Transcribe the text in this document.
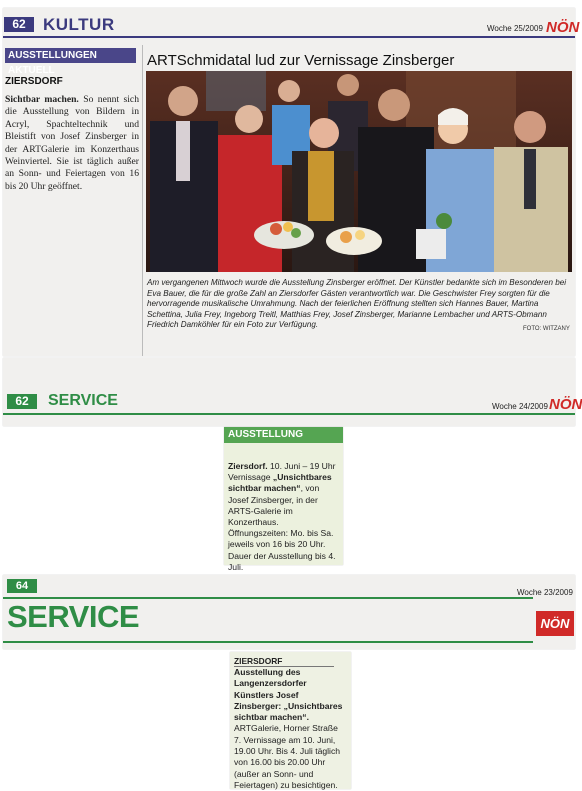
62	KULTUR	Woche 25/2009 NÖN
AUSSTELLUNGEN AKTUELL
ZIERSDORF
Sichtbar machen. So nennt sich die Ausstellung von Bildern in Acryl, Spachteltechnik und Bleistift von Josef Zinsberger in der ARTGalerie im Konzerthaus Weinviertel. Sie ist täglich außer an Sonn- und Feiertagen von 16 bis 20 Uhr geöffnet.
ARTSchmidatal lud zur Vernissage Zinsberger
Am vergangenen Mittwoch wurde die Ausstellung Zinsberger eröffnet. Der Künstler bedankte sich im Besonderen bei Eva Bauer, die für die große Zahl an Ziersdorfer Gästen verantwortlich war. Die Geschwister Frey sorgten für die hervorragende musikalische Umrahmung. Nach der feierlichen Eröffnung stellten sich Hannes Bauer, Martina Schettina, Julia Frey, Ingeborg Treitl, Matthias Frey, Josef Zinsberger, Marianne Lembacher und ARTS-Obmann Friedrich Damköhler für ein Foto zur Verfügung.	FOTO: WITZANY
62	SERVICE	Woche 24/2009 NÖN
AUSSTELLUNG
Ziersdorf. 10. Juni – 19 Uhr Vernissage „Unsichtbares sichtbar machen“, von Josef Zinsberger, in der ARTS-Galerie im Konzerthaus. Öffnungszeiten: Mo. bis Sa. jeweils von 16 bis 20 Uhr. Dauer der Ausstellung bis 4. Juli.
64
SERVICE
Woche 23/2009
NÖN
ZIERSDORF
Ausstellung des Langenzersdorfer Künstlers Josef Zinsberger: „Unsichtbares sichtbar machen“. ARTGalerie, Horner Straße 7. Vernissage am 10. Juni, 19.00 Uhr. Bis 4. Juli täglich von 16.00 bis 20.00 Uhr (außer an Sonn- und Feiertagen) zu besichtigen.
